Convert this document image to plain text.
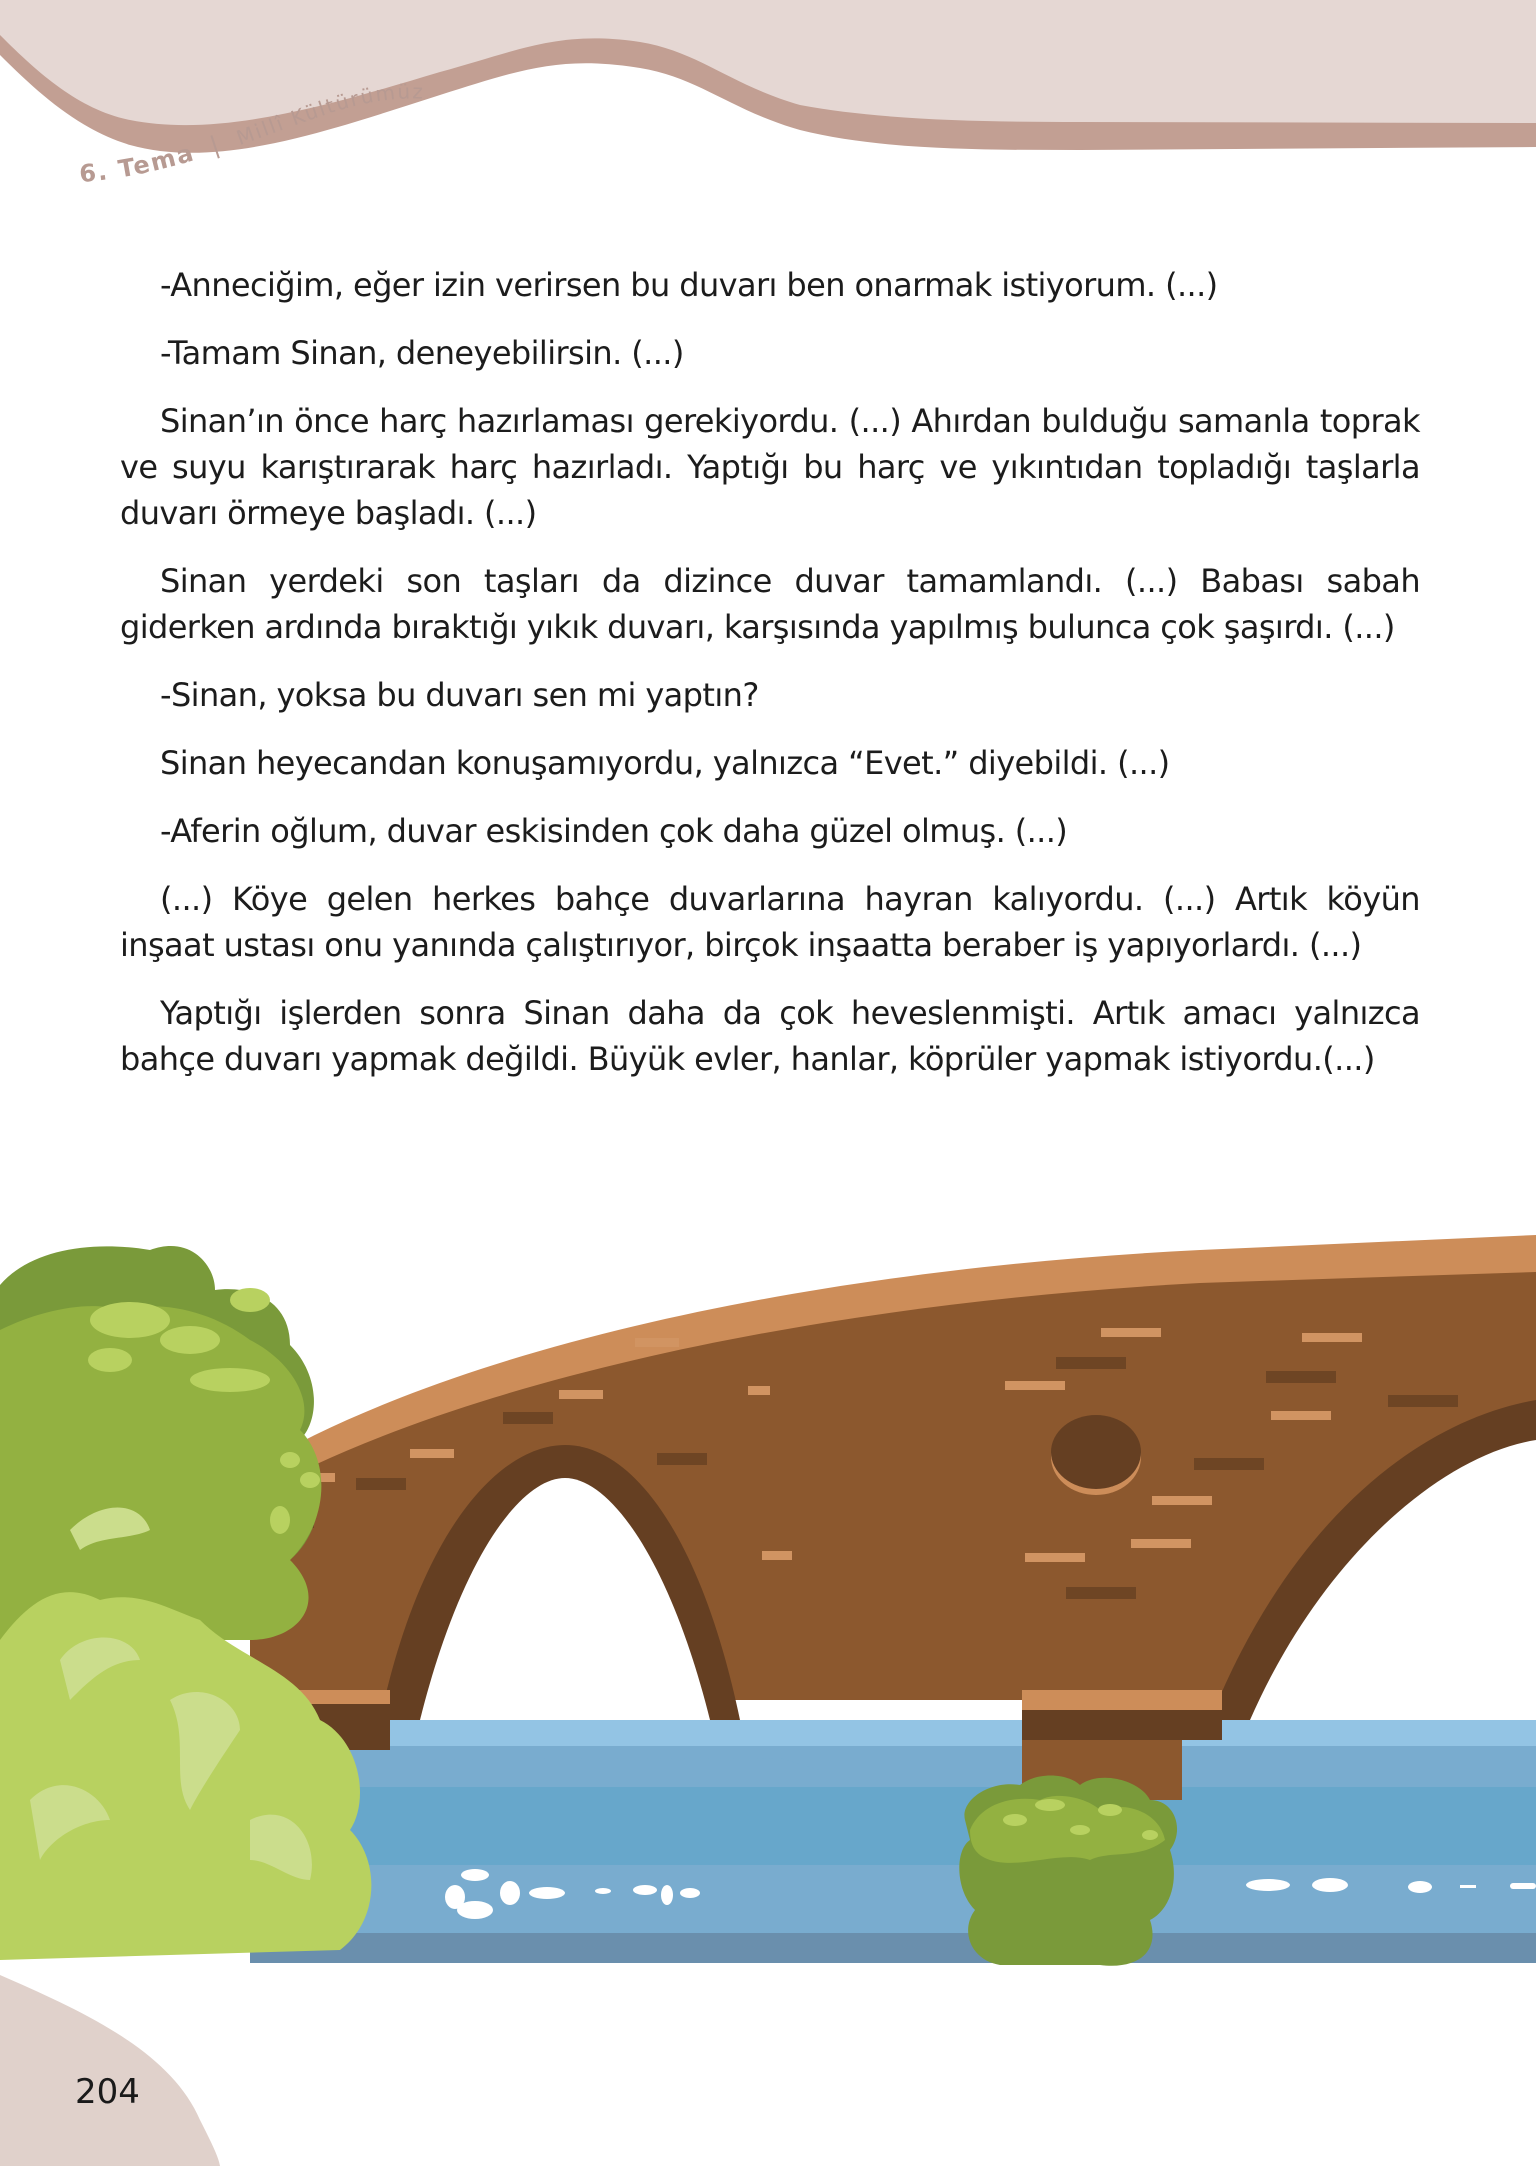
6. Tema | Millî Kültürümüz

-Anneciğim, eğer izin verirsen bu duvarı ben onarmak istiyorum. (...)

-Tamam Sinan, deneyebilirsin. (...)

Sinan’ın önce harç hazırlaması gerekiyordu. (...) Ahırdan bulduğu samanla toprak ve suyu karıştırarak harç hazırladı. Yaptığı bu harç ve yıkıntıdan topladığı taşlarla duvarı örmeye başladı. (...)

Sinan yerdeki son taşları da dizince duvar tamamlandı. (...) Babası sabah giderken ardında bıraktığı yıkık duvarı, karşısında yapılmış bulunca çok şaşırdı. (...)

-Sinan, yoksa bu duvarı sen mi yaptın?

Sinan heyecandan konuşamıyordu, yalnızca “Evet.” diyebildi. (...)

-Aferin oğlum, duvar eskisinden çok daha güzel olmuş. (...)

(...) Köye gelen herkes bahçe duvarlarına hayran kalıyordu. (...) Artık köyün inşaat ustası onu yanında çalıştırıyor, birçok inşaatta beraber iş yapıyorlardı. (...)

Yaptığı işlerden sonra Sinan daha da çok heveslenmişti. Artık amacı yalnızca bahçe duvarı yapmak değildi. Büyük evler, hanlar, köprüler yapmak istiyordu.(...)

204
